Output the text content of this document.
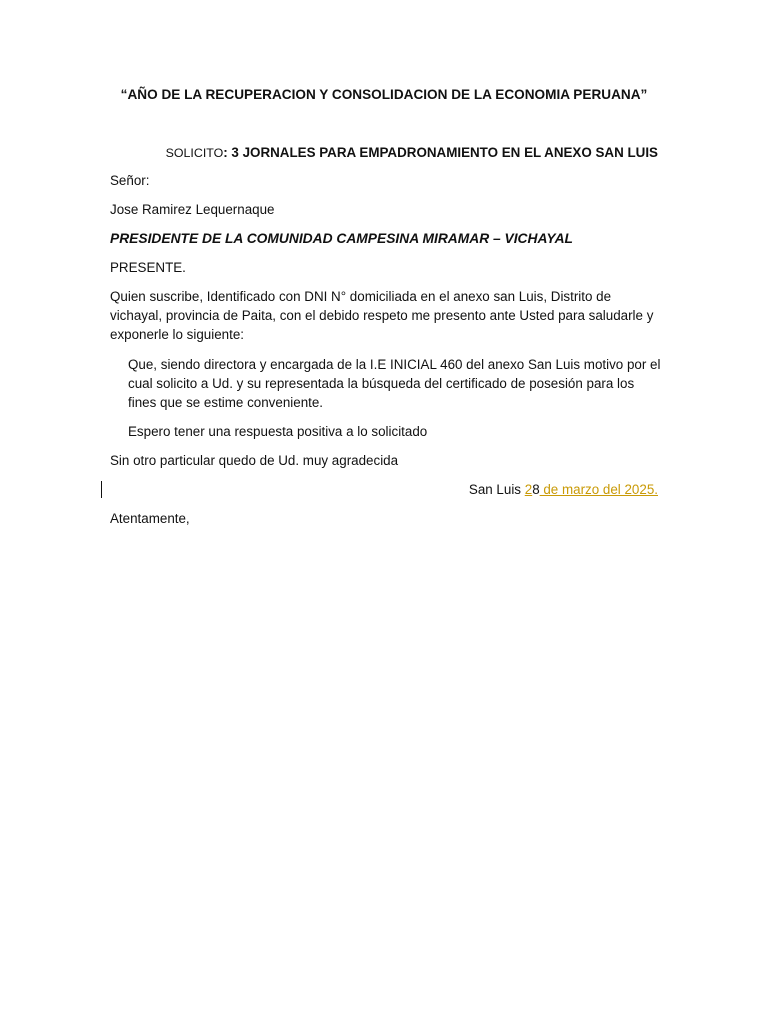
“AÑO DE LA RECUPERACION Y CONSOLIDACION DE LA ECONOMIA PERUANA”
SOLICITO: 3 JORNALES PARA EMPADRONAMIENTO EN EL ANEXO SAN LUIS
Señor:
Jose Ramirez Lequernaque
PRESIDENTE DE LA COMUNIDAD CAMPESINA MIRAMAR – VICHAYAL
PRESENTE.
Quien suscribe, Identificado con DNI N° domiciliada en el anexo san Luis, Distrito de vichayal, provincia de Paita, con el debido respeto me presento ante Usted para saludarle y exponerle lo siguiente:
Que, siendo directora y encargada de la I.E INICIAL 460 del anexo San Luis motivo por el cual solicito a Ud. y su representada la búsqueda del certificado de posesión para los fines que se estime conveniente.
Espero tener una respuesta positiva a lo solicitado
Sin otro particular quedo de Ud. muy agradecida
San Luis 28 de marzo del 2025.
Atentamente,
